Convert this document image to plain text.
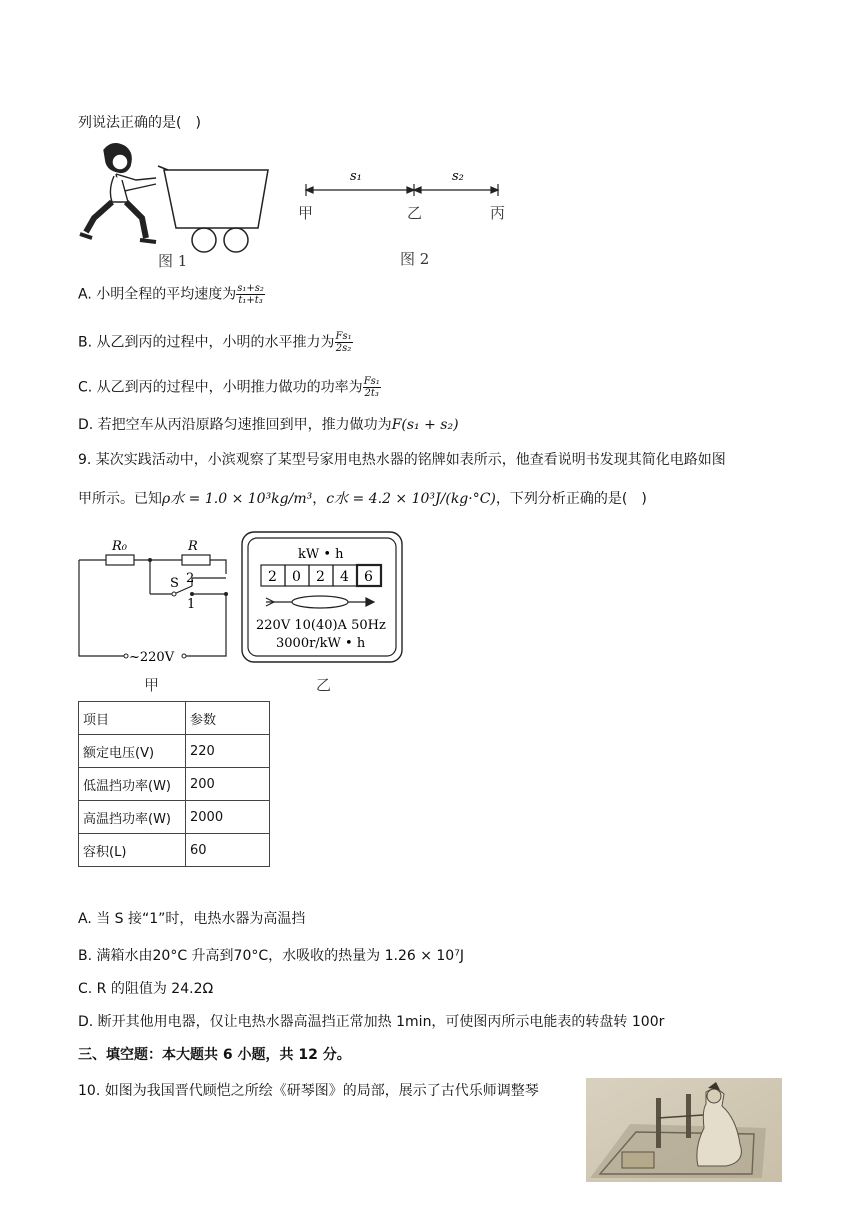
列说法正确的是(　)
图 1
s₁	s₂
甲	乙	丙
图 2
A. 小明全程的平均速度为 $\frac{\text{s₁+s₂}}{\text{t₁+t₃}}$
B. 从乙到丙的过程中，小明的水平推力为 $\frac{\text{Fs₁}}{\text{2s₂}}$
C. 从乙到丙的过程中，小明推力做功的功率为 $\frac{\text{Fs₁}}{\text{2t₃}}$
D. 若把空车从丙沿原路匀速推回到甲，推力做功为F(s₁ + s₂)
9. 某次实践活动中，小滨观察了某型号家用电热水器的铭牌如表所示，他查看说明书发现其简化电路如图
甲所示。已知ρ水 = 1.0 × 10³kg/m³，c水 = 4.2 × 10³J/(kg·°C)，下列分析正确的是(　)
R₀	R
S 2
1
~220V
甲
kW • h
2 0 2 4 6
220V 10(40)A 50Hz
3000r/kW • h
乙
项目	参数
额定电压(V)	220
低温挡功率(W)	200
高温挡功率(W)	2000
容积(L)	60
A. 当 S 接“1”时，电热水器为高温挡
B. 满箱水由20°C 升高到70°C，水吸收的热量为 1.26 × 10⁷J
C. R 的阻值为 24.2Ω
D. 断开其他用电器，仅让电热水器高温挡正常加热 1min，可使图丙所示电能表的转盘转 100r
三、填空题：本大题共 6 小题，共 12 分。
10. 如图为我国晋代顾恺之所绘《研琴图》的局部，展示了古代乐师调整琴
